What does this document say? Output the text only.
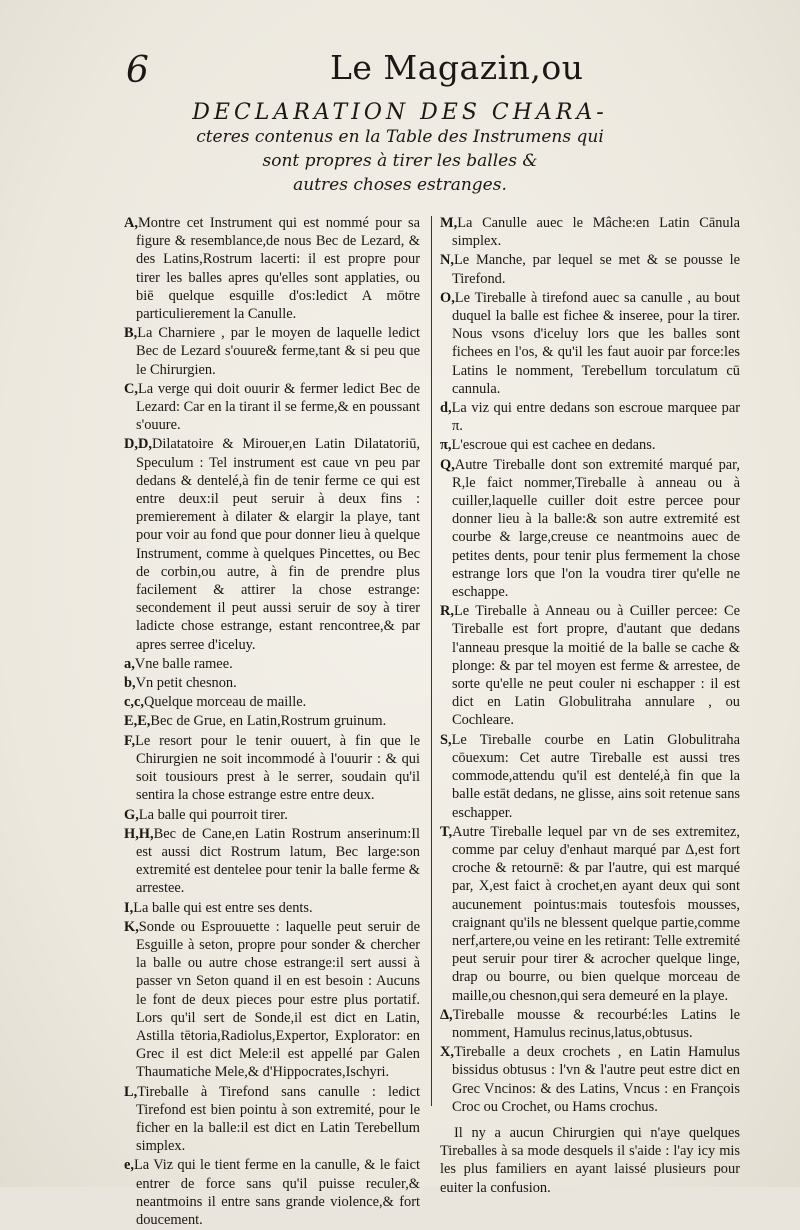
6	Le Magazin,ou
DECLARATION DES CHARA-
cteres contenus en la Table des Instrumens qui
sont propres à tirer les balles &
autres choses estranges.

A,Montre cet Instrument qui est nommé pour sa figure & resemblance,de nous Bec de Lezard, & des Latins,Rostrum lacerti: il est propre pour tirer les balles apres qu'elles sont applaties, ou biē quelque esquille d'os:ledict A mōtre particulierement la Canulle.

B,La Charniere , par le moyen de laquelle ledict Bec de Lezard s'ouure& ferme,tant & si peu que le Chirurgien.

C,La verge qui doit ouurir & fermer ledict Bec de Lezard: Car en la tirant il se ferme,& en poussant s'ouure.

D,D,Dilatatoire & Mirouer,en Latin Dilatatoriū, Speculum : Tel instrument est caue vn peu par dedans & dentelé,à fin de tenir ferme ce qui est entre deux:il peut seruir à deux fins : premierement à dilater & elargir la playe, tant pour voir au fond que pour donner lieu à quelque Instrument, comme à quelques Pincettes, ou Bec de corbin,ou autre, à fin de prendre plus facilement & attirer la chose estrange: secondement il peut aussi seruir de soy à tirer ladicte chose estrange, estant rencontree,& par apres serree d'iceluy.

a,Vne balle ramee.

b,Vn petit chesnon.

c,c,Quelque morceau de maille.

E,E,Bec de Grue, en Latin,Rostrum gruinum.

F,Le resort pour le tenir ouuert, à fin que le Chirurgien ne soit incommodé à l'ouurir : & qui soit tousiours prest à le serrer, soudain qu'il sentira la chose estrange estre entre deux.

G,La balle qui pourroit tirer.

H,H,Bec de Cane,en Latin Rostrum anserinum:Il est aussi dict Rostrum latum, Bec large:son extremité est dentelee pour tenir la balle ferme & arrestee.

I,La balle qui est entre ses dents.

K,Sonde ou Esprouuette : laquelle peut seruir de Esguille à seton, propre pour sonder & chercher la balle ou autre chose estrange:il sert aussi à passer vn Seton quand il en est besoin : Aucuns le font de deux pieces pour estre plus portatif. Lors qu'il sert de Sonde,il est dict en Latin, Astilla tētoria,Radiolus,Expertor, Explorator: en Grec il est dict Mele:il est appellé par Galen Thaumatiche Mele,& d'Hippocrates,Ischyri.

L,Tireballe à Tirefond sans canulle : ledict Tirefond est bien pointu à son extremité, pour le ficher en la balle:il est dict en Latin Terebellum simplex.

e,La Viz qui le tient ferme en la canulle, & le faict entrer de force sans qu'il puisse reculer,& neantmoins il entre sans grande violence,& fort doucement.

M,La Canulle auec le Mâche:en Latin Cānula simplex.

N,Le Manche, par lequel se met & se pousse le Tirefond.

O,Le Tireballe à tirefond auec sa canulle , au bout duquel la balle est fichee & inseree, pour la tirer. Nous vsons d'iceluy lors que les balles sont fichees en l'os, & qu'il les faut auoir par force:les Latins le nomment, Terebellum torculatum cū cannula.

d,La viz qui entre dedans son escroue marquee par π.

π,L'escroue qui est cachee en dedans.

Q,Autre Tireballe dont son extremité marqué par, R,le faict nommer,Tireballe à anneau ou à cuiller,laquelle cuiller doit estre percee pour donner lieu à la balle:& son autre extremité est courbe & large,creuse ce neantmoins auec de petites dents, pour tenir plus fermement la chose estrange lors que l'on la voudra tirer qu'elle ne eschappe.

R,Le Tireballe à Anneau ou à Cuiller percee: Ce Tireballe est fort propre, d'autant que dedans l'anneau presque la moitié de la balle se cache & plonge: & par tel moyen est ferme & arrestee, de sorte qu'elle ne peut couler ni eschapper : il est dict en Latin Globulitraha annulare , ou Cochleare.

S,Le Tireballe courbe en Latin Globulitraha cōuexum: Cet autre Tireballe est aussi tres commode,attendu qu'il est dentelé,à fin que la balle estāt dedans, ne glisse, ains soit retenue sans eschapper.

T,Autre Tireballe lequel par vn de ses extremitez, comme par celuy d'enhaut marqué par Δ,est fort croche & retournē: & par l'autre, qui est marqué par, X,est faict à crochet,en ayant deux qui sont aucunement pointus:mais toutesfois mousses, craignant qu'ils ne blessent quelque partie,comme nerf,artere,ou veine en les retirant: Telle extremité peut seruir pour tirer & acrocher quelque linge, drap ou bourre, ou bien quelque morceau de maille,ou chesnon,qui sera demeuré en la playe.

Δ,Tireballe mousse & recourbé:les Latins le nomment, Hamulus recinus,latus,obtusus.

X,Tireballe a deux crochets , en Latin Hamulus bissidus obtusus : l'vn & l'autre peut estre dict en Grec Vncinos: & des Latins, Vncus : en François Croc ou Crochet, ou Hams crochus.

Il ny a aucun Chirurgien qui n'aye quelques Tireballes à sa mode desquels il s'aide : l'ay icy mis les plus familiers en ayant laissé plusieurs pour euiter la confusion.
